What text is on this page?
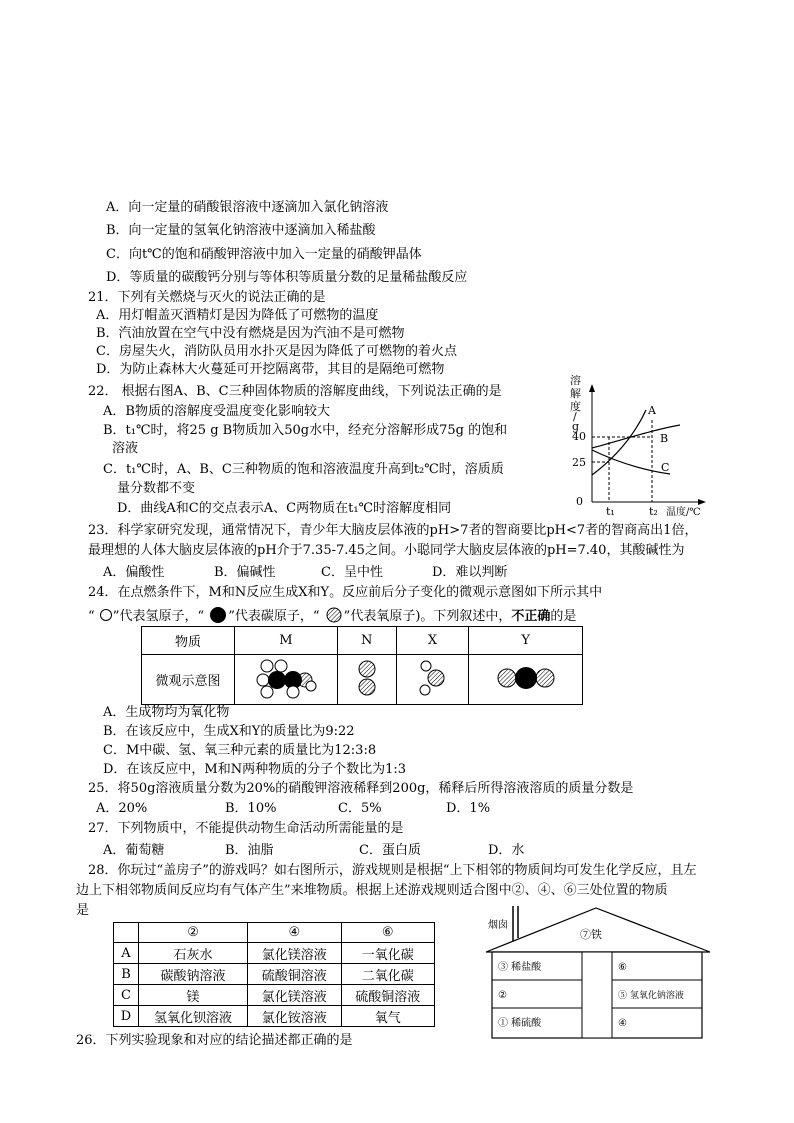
A．向一定量的硝酸银溶液中逐滴加入氯化钠溶液
B．向一定量的氢氧化钠溶液中逐滴加入稀盐酸
C．向t℃的饱和硝酸钾溶液中加入一定量的硝酸钾晶体
D．等质量的碳酸钙分别与等体积等质量分数的足量稀盐酸反应
21．下列有关燃烧与灭火的说法正确的是
A．用灯帽盖灭酒精灯是因为降低了可燃物的温度
B．汽油放置在空气中没有燃烧是因为汽油不是可燃物
C．房屋失火，消防队员用水扑灭是因为降低了可燃物的着火点
D．为防止森林大火蔓延可开挖隔离带，其目的是隔绝可燃物
22． 根据右图A、B、C三种固体物质的溶解度曲线，下列说法正确的是
A．B物质的溶解度受温度变化影响较大
B．t₁℃时，将25 g B物质加入50g水中，经充分溶解形成75g 的饱和
溶液
C．t₁℃时，A、B、C三种物质的饱和溶液温度升高到t₂℃时，溶质质
量分数都不变
D．曲线A和C的交点表示A、C两物质在t₁℃时溶解度相同
溶
解
度
/
g
40
25
0
温度/℃
t₁	t₂
A
B
C
23．科学家研究发现，通常情况下，青少年大脑皮层体液的pH>7者的智商要比pH<7者的智商高出1倍，
最理想的人体大脑皮层体液的pH介于7.35-7.45之间。小聪同学大脑皮层体液的pH=7.40，其酸碱性为
A．偏酸性	B．偏碱性	C．呈中性	D．难以判断
24．在点燃条件下，M和N反应生成X和Y。反应前后分子变化的微观示意图如下所示其中
“ ”代表氢原子，“ ”代表碳原子，“ ”代表氧原子)。下列叙述中，不正确的是
物质	M	N	X	Y
微观示意图				
A．生成物均为氧化物
B．在该反应中，生成X和Y的质量比为9:22
C．M中碳、氢、氧三种元素的质量比为12:3:8
D．在该反应中，M和N两种物质的分子个数比为1:3
25．将50g溶液质量分数为20%的硝酸钾溶液稀释到200g，稀释后所得溶液溶质的质量分数是
A．20%	B．10%	C．5%	D．1%
27．下列物质中，不能提供动物生命活动所需能量的是
A．葡萄糖	B．油脂	C．蛋白质	D．水
28．你玩过“盖房子”的游戏吗？如右图所示，游戏规则是根据“上下相邻的物质间均可发生化学反应，且左
边上下相邻物质间反应均有气体产生”来堆物质。根据上述游戏规则适合图中②、④、⑥三处位置的物质
是
	②	④	⑥
A	石灰水	氯化镁溶液	一氧化碳
B	碳酸钠溶液	硫酸铜溶液	二氧化碳
C	镁	氯化镁溶液	硫酸铜溶液
D	氢氧化钡溶液	氯化铵溶液	氧气
烟囱
⑦铁
③ 稀盐酸
②
① 稀硫酸
⑥
⑤ 氢氧化钠溶液
④
26．下列实验现象和对应的结论描述都正确的是
